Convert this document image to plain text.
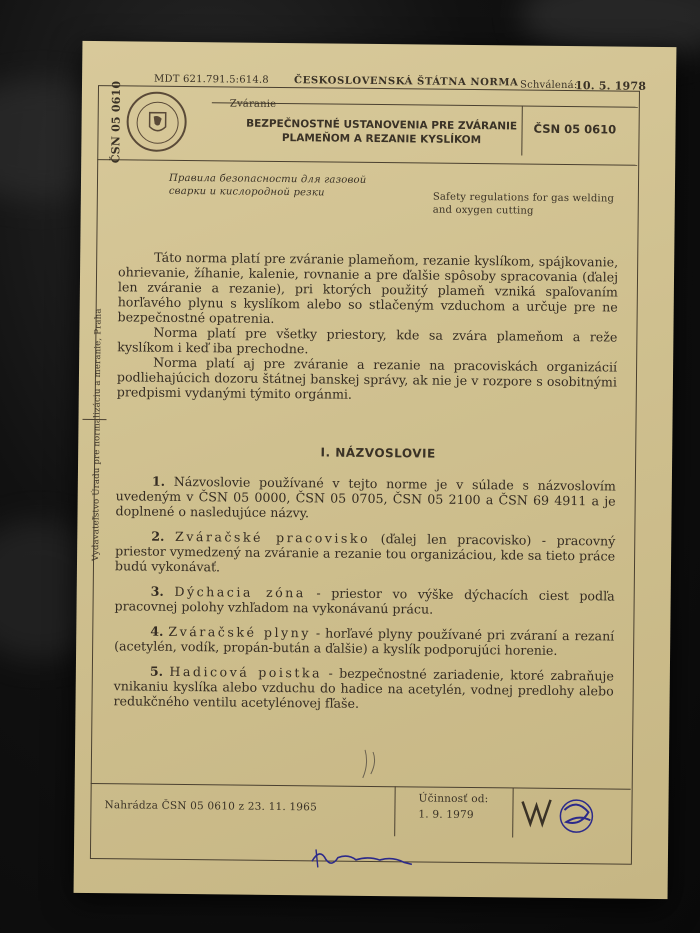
MDT 621.791.5:614.8	ČESKOSLOVENSKÁ ŠTÁTNA NORMA Schválená:
10. 5. 1978
ČSN 05 0610	Zváranie
BEZPEČNOSTNÉ USTANOVENIA PRE ZVÁRANIE
PLAMEŇOM A REZANIE KYSLÍKOM
ČSN 05 0610
Правила безопасности для газовой
сварки и кислородной резки	Safety regulations for gas welding
and oxygen cutting
Vydavateľstvo Úradu pre normalizáciu a meranie, Praha

Táto norma platí pre zváranie plameňom, rezanie kyslíkom, spájkovanie, ohrievanie, žíhanie, kalenie, rovnanie a pre ďalšie spôsoby spracovania (ďalej len zváranie a rezanie), pri ktorých použitý plameň vzniká spaľovaním horľavého plynu s kyslíkom alebo so stlačeným vzduchom a určuje pre ne bezpečnostné opatrenia.

Norma platí pre všetky priestory, kde sa zvára plameňom a reže kyslíkom i keď iba prechodne.

Norma platí aj pre zváranie a rezanie na pracoviskách organizácií podliehajúcich dozoru štátnej banskej správy, ak nie je v rozpore s osobitnými predpismi vydanými týmito orgánmi.

I. NÁZVOSLOVIE

1. Názvoslovie používané v tejto norme je v súlade s názvoslovím uvedeným v ČSN 05 0000, ČSN 05 0705, ČSN 05 2100 a ČSN 69 4911 a je doplnené o nasledujúce názvy.

2. Zváračské pracovisko (ďalej len pracovisko) - pracovný priestor vymedzený na zváranie a rezanie tou organizáciou, kde sa tieto práce budú vykonávať.

3. Dýchacia zóna - priestor vo výške dýchacích ciest podľa pracovnej polohy vzhľadom na vykonávanú prácu.

4. Zváračské plyny - horľavé plyny používané pri zváraní a rezaní (acetylén, vodík, propán-bután a ďalšie) a kyslík podporujúci horenie.

5. Hadicová poistka - bezpečnostné zariadenie, ktoré zabraňuje vnikaniu kyslíka alebo vzduchu do hadice na acetylén, vodnej predlohy alebo redukčného ventilu acetylénovej fľaše.

Nahrádza ČSN 05 0610 z 23. 11. 1965
Účinnosť od:
1. 9. 1979
